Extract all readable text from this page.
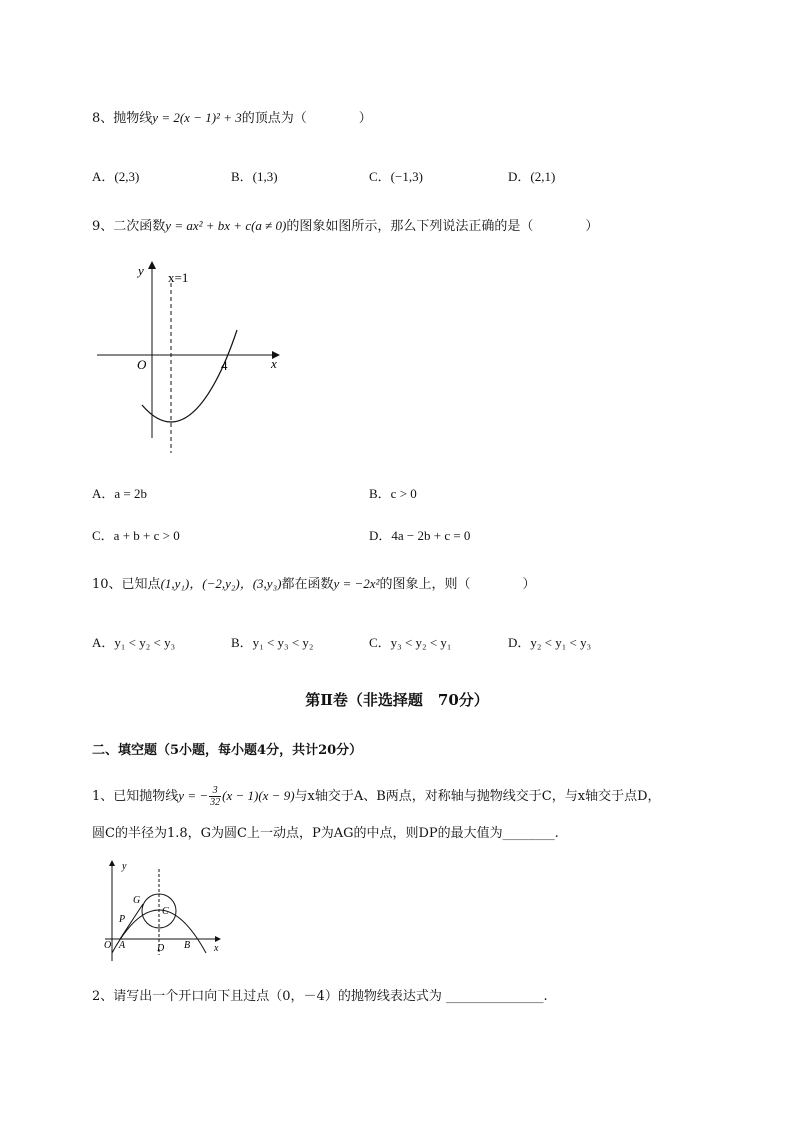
8、抛物线y = 2(x − 1)² + 3的顶点为（　　　　）
A．(2,3)	B．(1,3)	C．(−1,3)	D．(2,1)
9、二次函数y = ax² + bx + c(a ≠ 0)的图象如图所示，那么下列说法正确的是（　　　　）
y
x
O
x=1
4
A．a = 2b	B．c > 0
C．a + b + c > 0	D．4a − 2b + c = 0
10、已知点(1,y₁)，(−2,y₂)，(3,y₃)都在函数y = −2x²的图象上，则（　　　　）
A．y₁ < y₂ < y₃	B．y₁ < y₃ < y₂	C．y₃ < y₂ < y₁	D．y₂ < y₁ < y₃
第Ⅱ卷（非选择题　70分）
二、填空题（5小题，每小题4分，共计20分）
1、已知抛物线y = − $\frac{3}{32} (x - 1)(x - 9)$与x轴交于A、B两点，对称轴与抛物线交于C，与x轴交于点D，
圆C的半径为1.8，G为圆C上一动点，P为AG的中点，则DP的最大值为________.
y
x
O A	D B
G
C
P
2、请写出一个开口向下且过点（0，－4）的抛物线表达式为 _______________.
